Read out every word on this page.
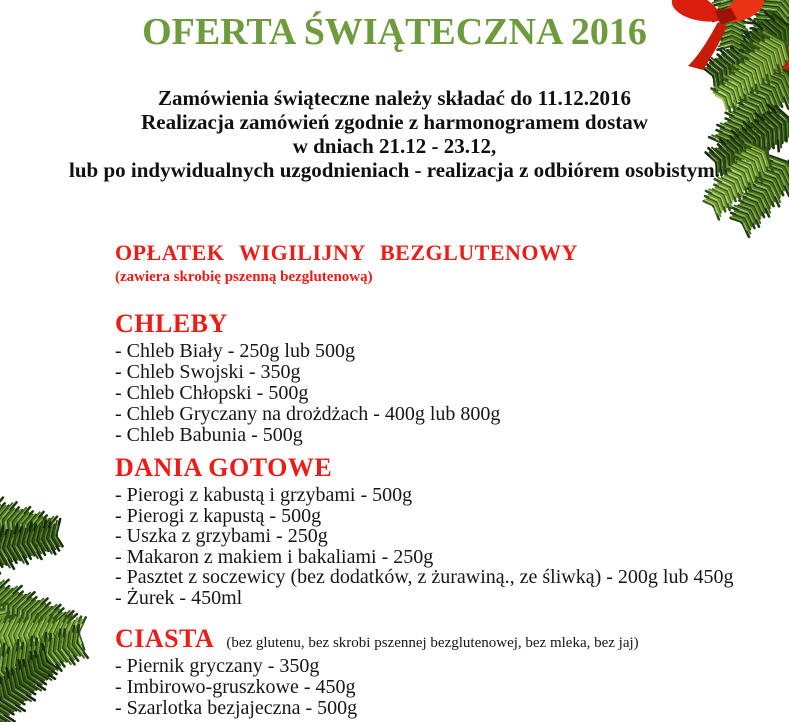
OFERTA ŚWIĄTECZNA 2016
Zamówienia świąteczne należy składać do 11.12.2016
Realizacja zamówień zgodnie z harmonogramem dostaw
w dniach 21.12 - 23.12,
lub po indywidualnych uzgodnieniach - realizacja z odbiórem osobistym.
OPŁATEK WIGILIJNY BEZGLUTENOWY
(zawiera skrobię pszenną bezglutenową)
CHLEBY
- Chleb Biały - 250g lub 500g
- Chleb Swojski - 350g
- Chleb Chłopski - 500g
- Chleb Gryczany na drożdżach - 400g lub 800g
- Chleb Babunia - 500g
DANIA GOTOWE
- Pierogi z kabustą i grzybami - 500g
- Pierogi z kapustą - 500g
- Uszka z grzybami - 250g
- Makaron z makiem i bakaliami - 250g
- Pasztet z soczewicy (bez dodatków, z żurawiną., ze śliwką) - 200g lub 450g
- Żurek - 450ml
CIASTA (bez glutenu, bez skrobi pszennej bezglutenowej, bez mleka, bez jaj)
- Piernik gryczany - 350g
- Imbirowo-gruszkowe - 450g
- Szarlotka bezjajeczna - 500g
